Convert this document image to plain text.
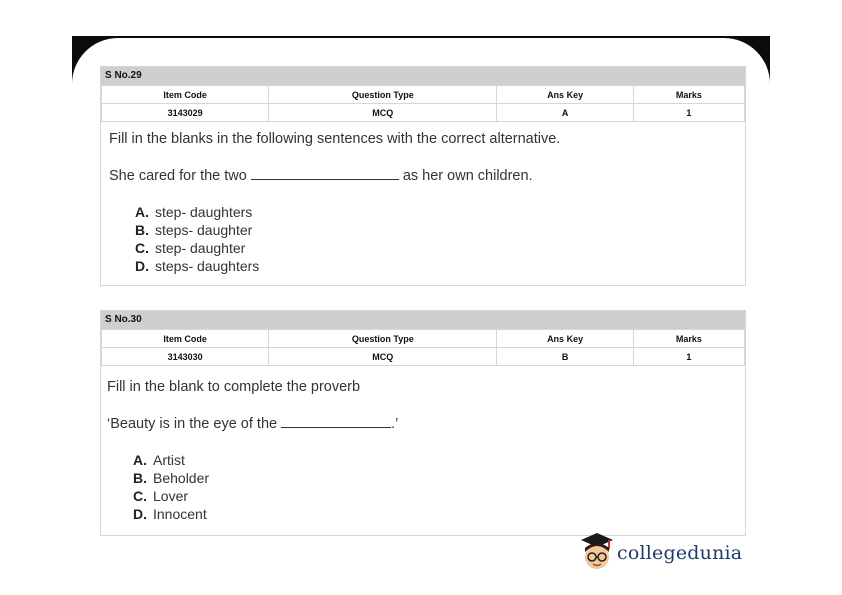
S No.29
Item Code	Question Type	Ans Key	Marks
3143029	MCQ	A	1
Fill in the blanks in the following sentences with the correct alternative.
She cared for the two	as her own children.
A. step- daughters
B. steps- daughter
C. step- daughter
D. steps- daughters
S No.30
Item Code	Question Type	Ans Key	Marks
3143030	MCQ	B	1
Fill in the blank to complete the proverb
‘Beauty is in the eye of the	.’
A. Artist
B. Beholder
C. Lover
D. Innocent
collegedunia
